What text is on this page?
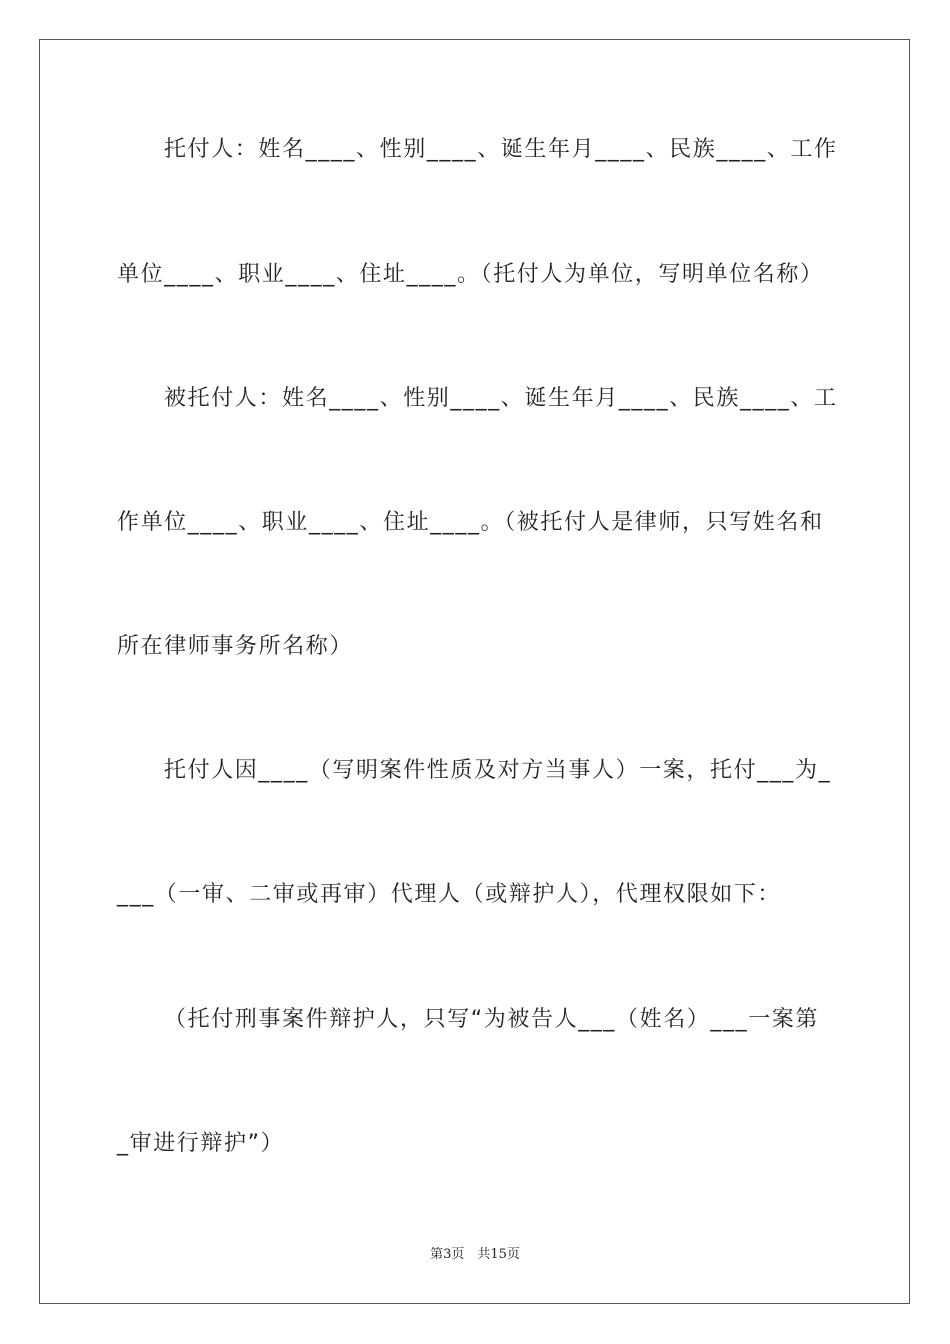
托付人：姓名____、性别____、诞生年月____、民族____、工作

单位____、职业____、住址____。（托付人为单位，写明单位名称）

被托付人：姓名____、性别____、诞生年月____、民族____、工

作单位____、职业____、住址____。（被托付人是律师，只写姓名和

所在律师事务所名称）

托付人因____（写明案件性质及对方当事人）一案，托付___为_

___（一审、二审或再审）代理人（或辩护人），代理权限如下：

（托付刑事案件辩护人，只写“为被告人___（姓名）___一案第

_审进行辩护”）

第3页　共15页
